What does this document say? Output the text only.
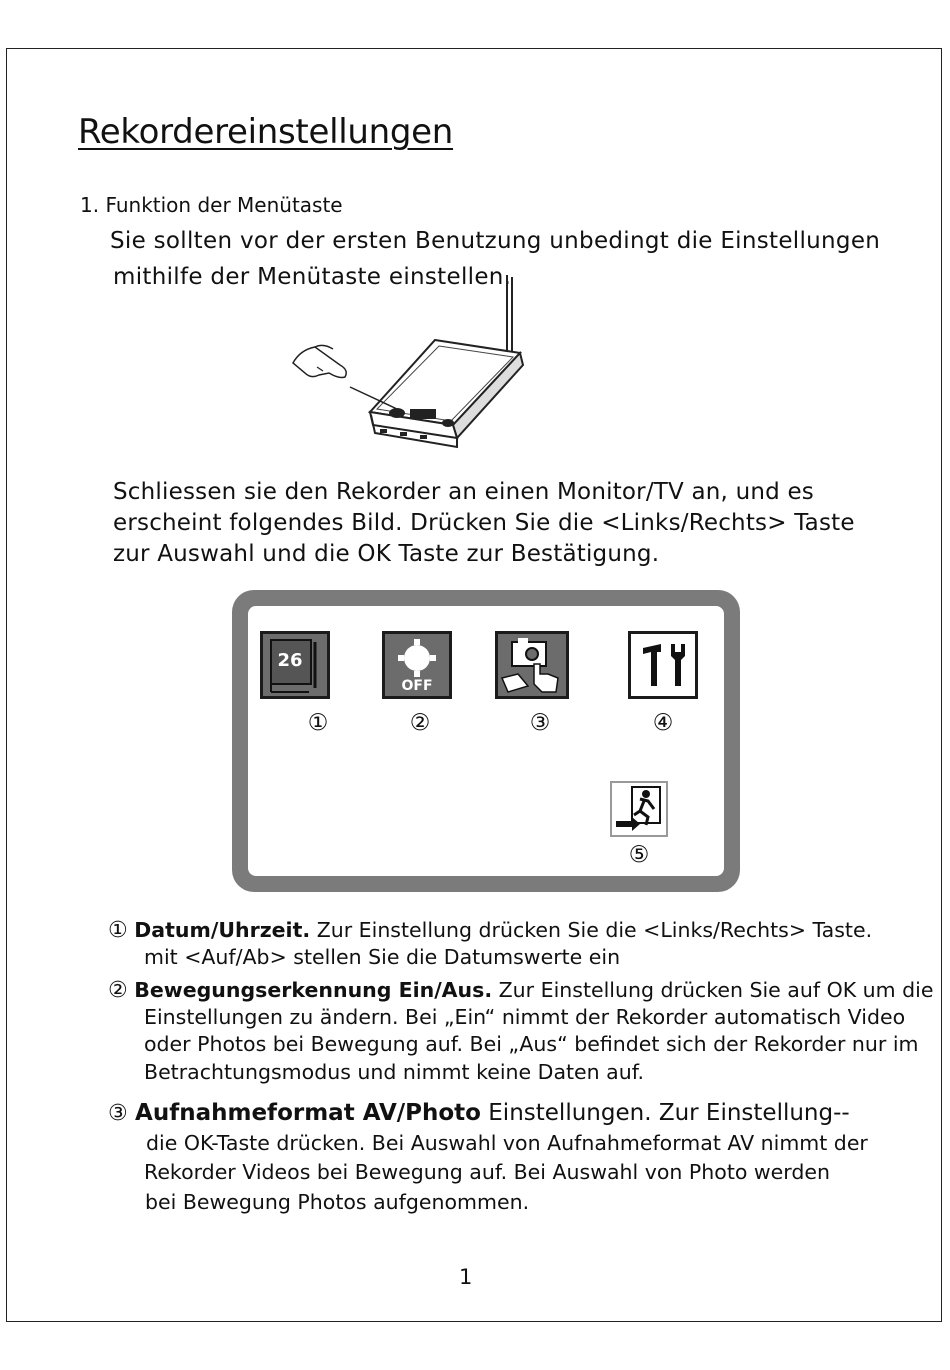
Rekordereinstellungen
1. Funktion der Menütaste
Sie sollten vor der ersten Benutzung unbedingt die Einstellungen
mithilfe der Menütaste einstellen.
Schliessen sie den Rekorder an einen Monitor/TV an, und es
erscheint folgendes Bild. Drücken Sie die <Links/Rechts> Taste
zur Auswahl und die OK Taste zur Bestätigung.
26
①
OFF
②	③	④
⑤
① Datum/Uhrzeit. Zur Einstellung drücken Sie die <Links/Rechts> Taste.
mit <Auf/Ab> stellen Sie die Datumswerte ein
② Bewegungserkennung Ein/Aus. Zur Einstellung drücken Sie auf OK um die
Einstellungen zu ändern. Bei „Ein“ nimmt der Rekorder automatisch Video
oder Photos bei Bewegung auf. Bei „Aus“ befindet sich der Rekorder nur im
Betrachtungsmodus und nimmt keine Daten auf.
③ Aufnahmeformat AV/Photo Einstellungen. Zur Einstellung--
die OK-Taste drücken. Bei Auswahl von Aufnahmeformat AV nimmt der
Rekorder Videos bei Bewegung auf. Bei Auswahl von Photo werden
bei Bewegung Photos aufgenommen.
1
